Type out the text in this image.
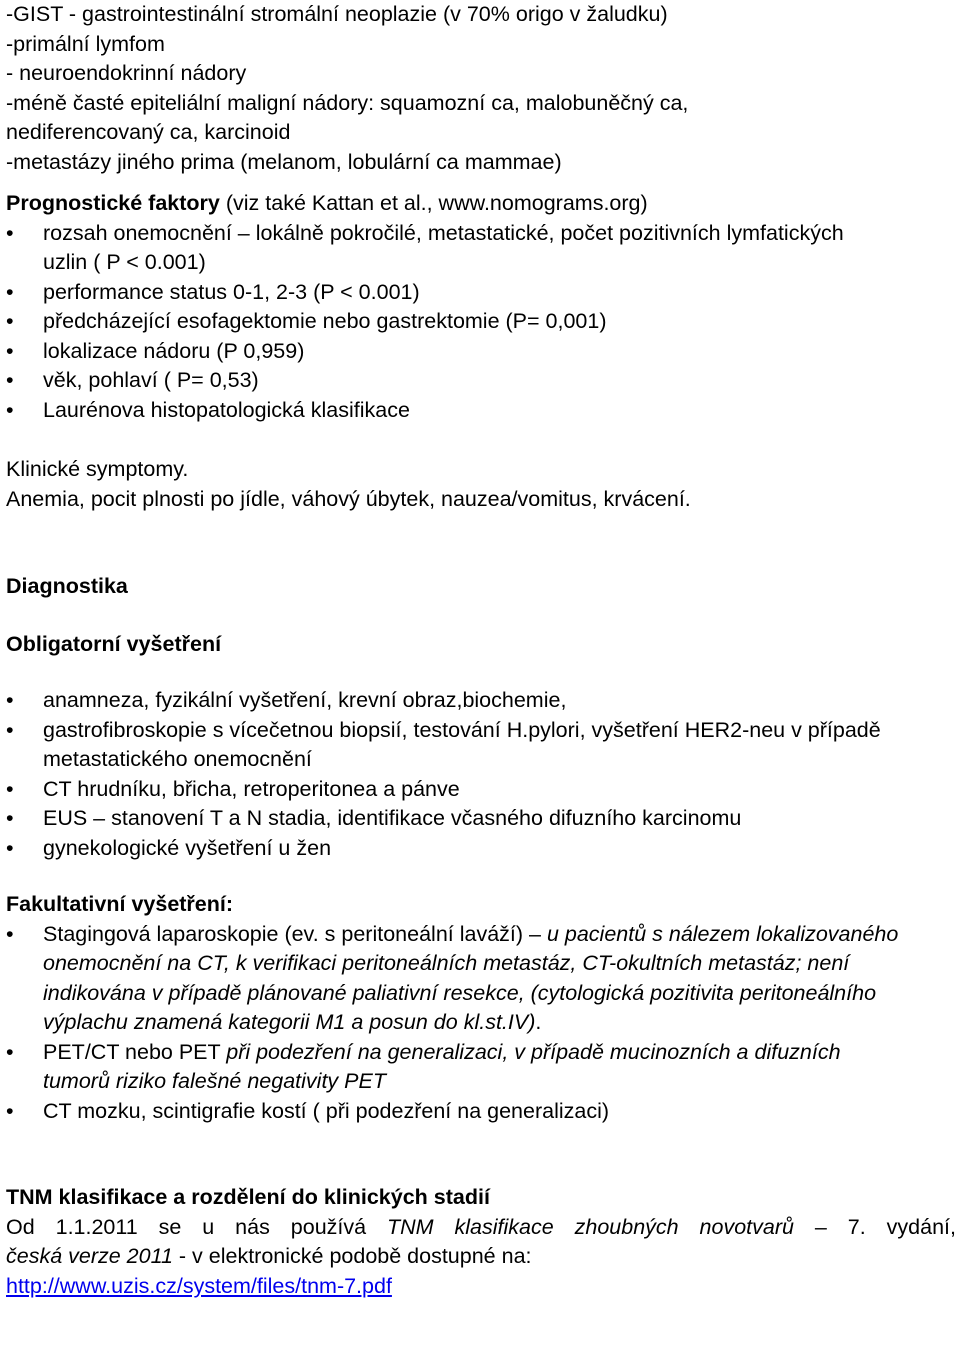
-GIST - gastrointestinální stromální neoplazie (v 70% origo v žaludku)

-primální lymfom

- neuroendokrinní nádory

-méně časté epiteliální maligní nádory: squamozní ca, malobuněčný ca,

nediferencovaný ca, karcinoid

-metastázy jiného prima (melanom, lobulární ca mammae)

Prognostické faktory (viz také Kattan et al., www.nomograms.org)

• rozsah onemocnění – lokálně pokročilé, metastatické, počet pozitivních lymfatických uzlin ( P < 0.001)
• performance status 0-1, 2-3 (P < 0.001)
• předcházející esofagektomie nebo gastrektomie (P= 0,001)
• lokalizace nádoru (P 0,959)
• věk, pohlaví ( P= 0,53)
• Laurénova histopatologická klasifikace

Klinické symptomy.

Anemia, pocit plnosti po jídle, váhový úbytek, nauzea/vomitus, krvácení.

Diagnostika

Obligatorní vyšetření

• anamneza, fyzikální vyšetření, krevní obraz,biochemie,
• gastrofibroskopie s vícečetnou biopsií, testování H.pylori, vyšetření HER2-neu v případě metastatického onemocnění
• CT hrudníku, břicha, retroperitonea a pánve
• EUS – stanovení T a N stadia, identifikace včasného difuzního karcinomu
• gynekologické vyšetření u žen

Fakultativní vyšetření:

• Stagingová laparoskopie (ev. s peritoneální laváží) – u pacientů s nálezem lokalizovaného onemocnění na CT, k verifikaci peritoneálních metastáz, CT-okultních metastáz; není indikována v případě plánované paliativní resekce, (cytologická pozitivita peritoneálního výplachu znamená kategorii M1 a posun do kl.st.IV).
• PET/CT nebo PET při podezření na generalizaci, v případě mucinozních a difuzních tumorů riziko falešné negativity PET
• CT mozku, scintigrafie kostí ( při podezření na generalizaci)

TNM klasifikace a rozdělení do klinických stadií

Od 1.1.2011 se u nás používá TNM klasifikace zhoubných novotvarů – 7. vydání,

česká verze 2011 - v elektronické podobě dostupné na:

http://www.uzis.cz/system/files/tnm-7.pdf
